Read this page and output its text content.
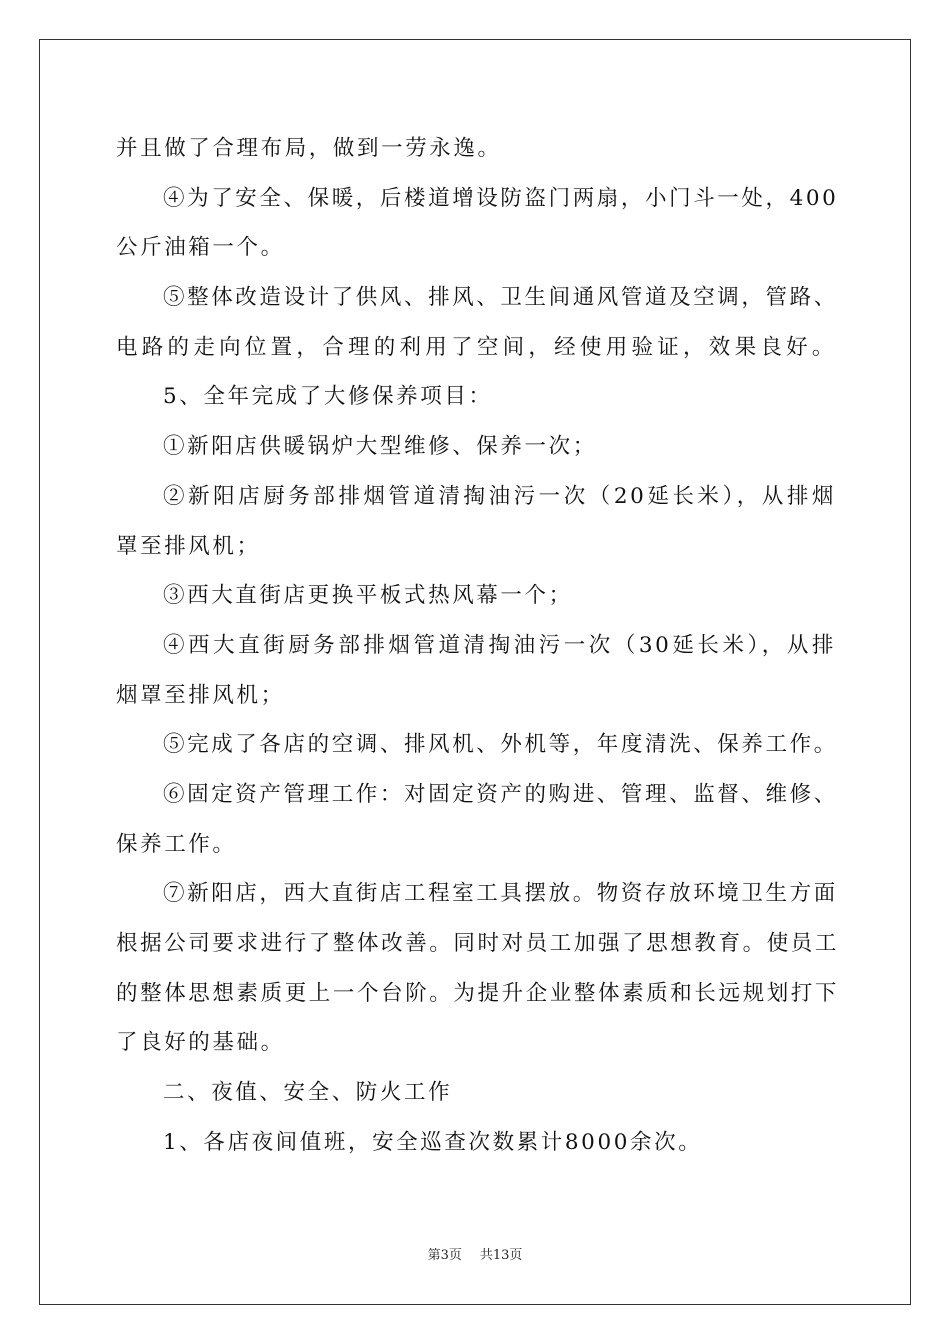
并且做了合理布局，做到一劳永逸。
④为了安全、保暖，后楼道增设防盗门两扇，小门斗一处，400
公斤油箱一个。
⑤整体改造设计了供风、排风、卫生间通风管道及空调，管路、
电路的走向位置，合理的利用了空间，经使用验证，效果良好。
5、全年完成了大修保养项目：
①新阳店供暖锅炉大型维修、保养一次；
②新阳店厨务部排烟管道清掏油污一次（20延长米），从排烟
罩至排风机；
③西大直街店更换平板式热风幕一个；
④西大直街厨务部排烟管道清掏油污一次（30延长米），从排
烟罩至排风机；
⑤完成了各店的空调、排风机、外机等，年度清洗、保养工作。
⑥固定资产管理工作：对固定资产的购进、管理、监督、维修、
保养工作。
⑦新阳店，西大直街店工程室工具摆放。物资存放环境卫生方面
根据公司要求进行了整体改善。同时对员工加强了思想教育。使员工
的整体思想素质更上一个台阶。为提升企业整体素质和长远规划打下
了良好的基础。
二、夜值、安全、防火工作
1、各店夜间值班，安全巡查次数累计8000余次。
第3页 共13页
